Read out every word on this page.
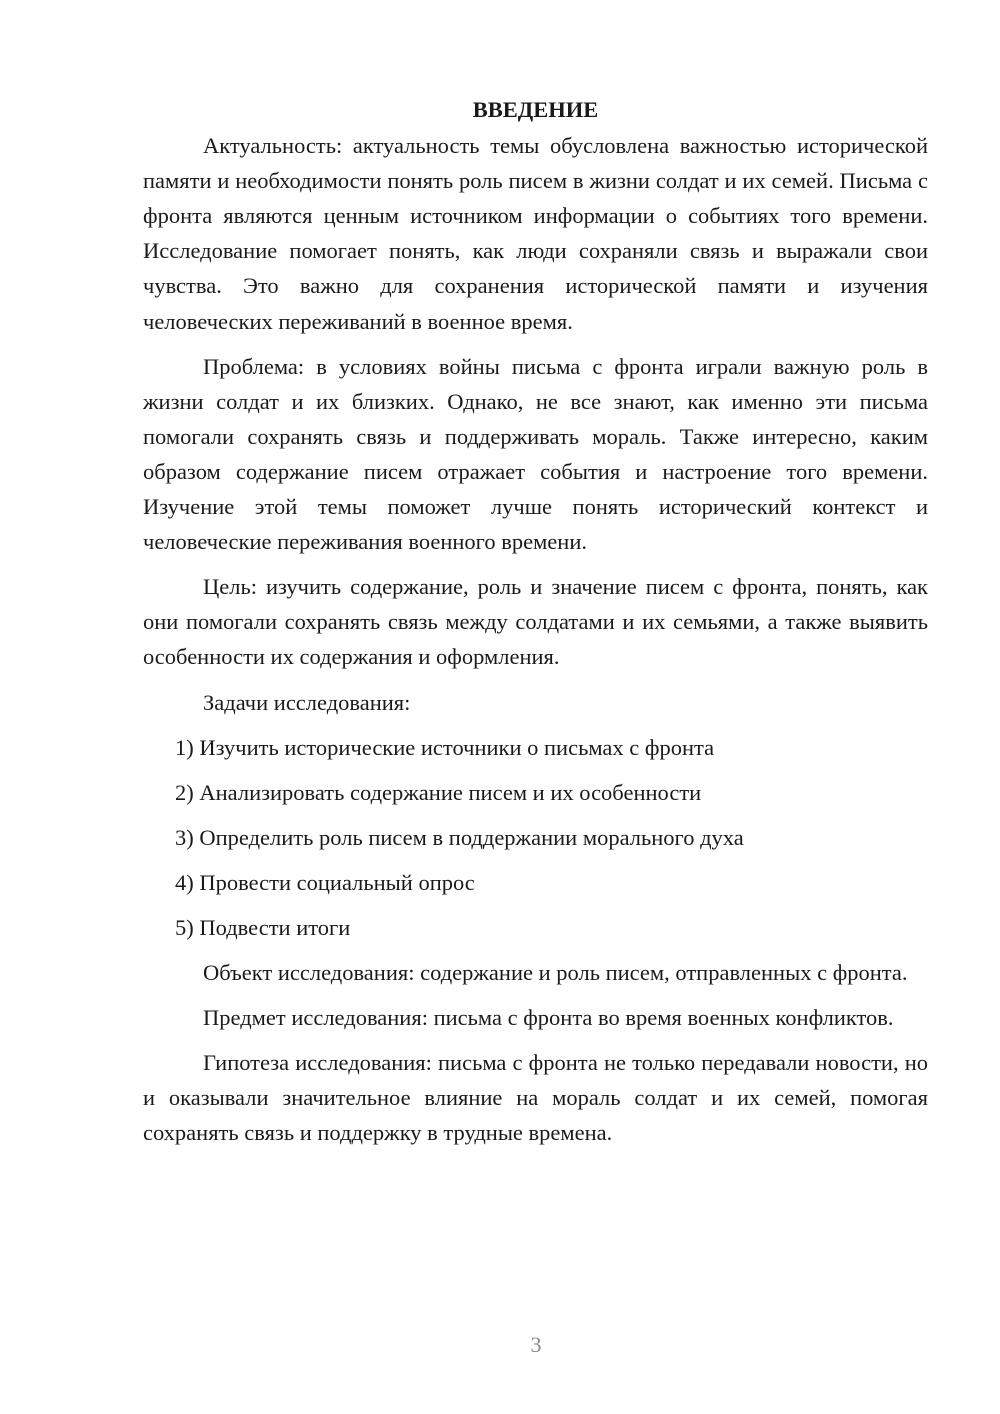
ВВЕДЕНИЕ

Актуальность: актуальность темы обусловлена важностью исторической памяти и необходимости понять роль писем в жизни солдат и их семей. Письма с фронта являются ценным источником информации о событиях того времени. Исследование помогает понять, как люди сохраняли связь и выражали свои чувства. Это важно для сохранения исторической памяти и изучения человеческих переживаний в военное время.

Проблема: в условиях войны письма с фронта играли важную роль в жизни солдат и их близких. Однако, не все знают, как именно эти письма помогали сохранять связь и поддерживать мораль. Также интересно, каким образом содержание писем отражает события и настроение того времени. Изучение этой темы поможет лучше понять исторический контекст и человеческие переживания военного времени.

Цель: изучить содержание, роль и значение писем с фронта, понять, как они помогали сохранять связь между солдатами и их семьями, а также выявить особенности их содержания и оформления.

Задачи исследования:

1) Изучить исторические источники о письмах с фронта
2) Анализировать содержание писем и их особенности
3) Определить роль писем в поддержании морального духа
4) Провести социальный опрос
5) Подвести итоги

Объект исследования: содержание и роль писем, отправленных с фронта.

Предмет исследования: письма с фронта во время военных конфликтов.

Гипотеза исследования: письма с фронта не только передавали новости, но и оказывали значительное влияние на мораль солдат и их семей, помогая сохранять связь и поддержку в трудные времена.

3
